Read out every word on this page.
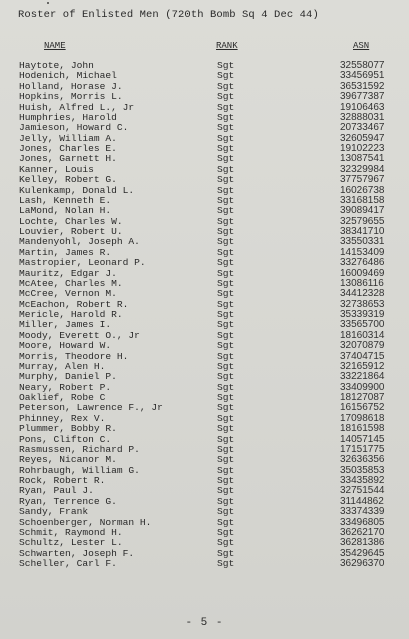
Roster of Enlisted Men (720th Bomb Sq 4 Dec 44)
NAME	RANK	ASN
Haytote, John	Sgt	32558077
Hodenich, Michael	Sgt	33456951
Holland, Horase J.	Sgt	36531592
Hopkins, Morris L.	Sgt	39677387
Huish, Alfred L., Jr	Sgt	19106463
Humphries, Harold	Sgt	32888031
Jamieson, Howard C.	Sgt	20733467
Jelly, William A.	Sgt	32605947
Jones, Charles E.	Sgt	19102223
Jones, Garnett H.	Sgt	13087541
Kanner, Louis	Sgt	32329984
Kelley, Robert G.	Sgt	37757967
Kulenkamp, Donald L.	Sgt	16026738
Lash, Kenneth E.	Sgt	33168158
LaMond, Nolan H.	Sgt	39089417
Lochte, Charles W.	Sgt	32579655
Louvier, Robert U.	Sgt	38341710
Mandenyohl, Joseph A.	Sgt	33550331
Martin, James R.	Sgt	14153409
Mastropier, Leonard P.	Sgt	33276486
Mauritz, Edgar J.	Sgt	16009469
McAtee, Charles M.	Sgt	13086116
McCree, Vernon M.	Sgt	34412328
McEachon, Robert R.	Sgt	32738653
Mericle, Harold R.	Sgt	35339319
Miller, James I.	Sgt	33565700
Moody, Everett O., Jr	Sgt	18160314
Moore, Howard W.	Sgt	32070879
Morris, Theodore H.	Sgt	37404715
Murray, Alen H.	Sgt	32165912
Murphy, Daniel P.	Sgt	33221864
Neary, Robert P.	Sgt	33409900
Oaklief, Robe C	Sgt	18127087
Peterson, Lawrence F., Jr	Sgt	16156752
Phinney, Rex V.	Sgt	17098618
Plummer, Bobby R.	Sgt	18161598
Pons, Clifton C.	Sgt	14057145
Rasmussen, Richard P.	Sgt	17151775
Reyes, Nicanor M.	Sgt	32636356
Rohrbaugh, William G.	Sgt	35035853
Rock, Robert R.	Sgt	33435892
Ryan, Paul J.	Sgt	32751544
Ryan, Terrence G.	Sgt	31144862
Sandy, Frank	Sgt	33374339
Schoenberger, Norman H.	Sgt	33496805
Schmit, Raymond H.	Sgt	36262170
Schultz, Lester L.	Sgt	36281386
Schwarten, Joseph F.	Sgt	35429645
Scheller, Carl F.	Sgt	36296370
- 5 -
